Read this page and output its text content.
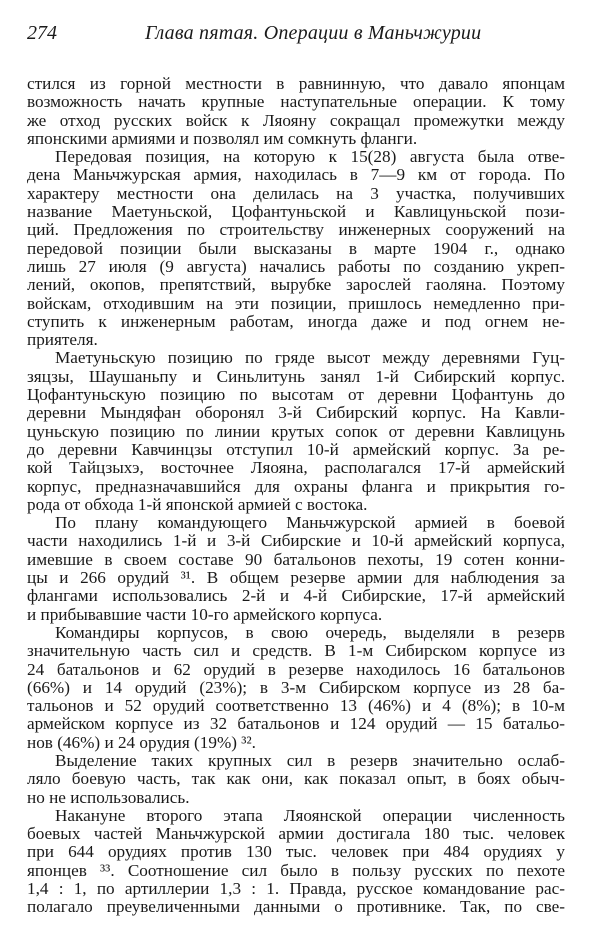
274	Глава пятая. Операции в Маньчжурии
стился из горной местности в равнинную, что давало японцам
возможность начать крупные наступательные операции. К тому
же отход русских войск к Ляояну сокращал промежутки между
японскими армиями и позволял им сомкнуть фланги.
Передовая позиция, на которую к 15(28) августа была отве-
дена Маньчжурская армия, находилась в 7—9 км от города. По
характеру местности она делилась на 3 участка, получивших
название Маетуньской, Цофантуньской и Кавлицуньской пози-
ций. Предложения по строительству инженерных сооружений на
передовой позиции были высказаны в марте 1904 г., однако
лишь 27 июля (9 августа) начались работы по созданию укреп-
лений, окопов, препятствий, вырубке зарослей гаоляна. Поэтому
войскам, отходившим на эти позиции, пришлось немедленно при-
ступить к инженерным работам, иногда даже и под огнем не-
приятеля.
Маетуньскую позицию по гряде высот между деревнями Гуц-
зяцзы, Шаушаньпу и Синьлитунь занял 1-й Сибирский корпус.
Цофантуньскую позицию по высотам от деревни Цофантунь до
деревни Мындяфан оборонял 3-й Сибирский корпус. На Кавли-
цуньскую позицию по линии крутых сопок от деревни Кавлицунь
до деревни Кавчинцзы отступил 10-й армейский корпус. За ре-
кой Тайцзыхэ, восточнее Ляояна, располагался 17-й армейский
корпус, предназначавшийся для охраны фланга и прикрытия го-
рода от обхода 1-й японской армией с востока.
По плану командующего Маньчжурской армией в боевой
части находились 1-й и 3-й Сибирские и 10-й армейский корпуса,
имевшие в своем составе 90 батальонов пехоты, 19 сотен конни-
цы и 266 орудий ³¹. В общем резерве армии для наблюдения за
флангами использовались 2-й и 4-й Сибирские, 17-й армейский
и прибывавшие части 10-го армейского корпуса.
Командиры корпусов, в свою очередь, выделяли в резерв
значительную часть сил и средств. В 1-м Сибирском корпусе из
24 батальонов и 62 орудий в резерве находилось 16 батальонов
(66%) и 14 орудий (23%); в 3-м Сибирском корпусе из 28 ба-
тальонов и 52 орудий соответственно 13 (46%) и 4 (8%); в 10-м
армейском корпусе из 32 батальонов и 124 орудий — 15 батальо-
нов (46%) и 24 орудия (19%) ³².
Выделение таких крупных сил в резерв значительно ослаб-
ляло боевую часть, так как они, как показал опыт, в боях обыч-
но не использовались.
Накануне второго этапа Ляоянской операции численность
боевых частей Маньчжурской армии достигала 180 тыс. человек
при 644 орудиях против 130 тыс. человек при 484 орудиях у
японцев ³³. Соотношение сил было в пользу русских по пехоте
1,4 : 1, по артиллерии 1,3 : 1. Правда, русское командование рас-
полагало преувеличенными данными о противнике. Так, по све-
